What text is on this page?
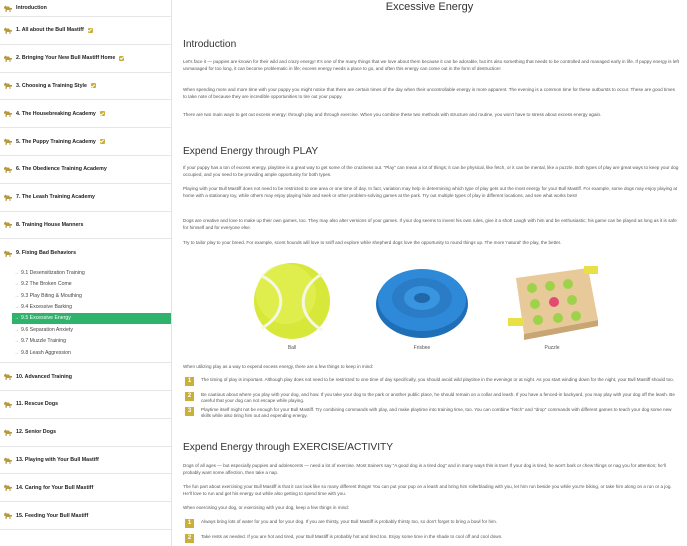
Introduction
1. All about the Bull Mastiff
2. Bringing Your New Bull Mastiff Home
3. Choosing a Training Style
4. The Housebreaking Academy
5. The Puppy Training Academy
6. The Obedience Training Academy
7. The Leash Training Academy
8. Training House Manners
9. Fixing Bad Behaviors
→ 9.1 Desensitization Training
→ 9.2 The Broken Come
→ 9.3 Play Biting & Mouthing
→ 9.4 Excessive Barking
→ 9.5 Excessive Energy
→ 9.6 Separation Anxiety
→ 9.7 Muzzle Training
→ 9.8 Leash Aggression
10. Advanced Training
11. Rescue Dogs
12. Senior Dogs
13. Playing with Your Bull Mastiff
14. Caring for Your Bull Mastiff
15. Feeding Your Bull Mastiff
Excessive Energy
Introduction

Let's face it — puppies are known for their wild and crazy energy! It's one of the many things that we love about them because it can be adorable, but it's also something that needs to be controlled and managed early in life. If puppy energy is left unmanaged for too long, it can become problematic in life; excess energy needs a place to go, and often this energy can come out in the form of destruction!

When spending more and more time with your puppy you might notice that there are certain times of the day when their uncontrollable energy is more apparent. The evening is a common time for these outbursts to occur. These are good times to take note of because they are incredible opportunities to tire out your puppy.

There are two main ways to get out excess energy: through play and through exercise. When you combine these two methods with structure and routine, you won't have to stress about excess energy again.

Expend Energy through PLAY

If your puppy has a ton of excess energy, playtime is a great way to get some of the craziness out. "Play" can mean a lot of things; it can be physical, like fetch, or it can be mental, like a puzzle. Both types of play are great ways to keep your dog occupied, and you need to be providing ample opportunity for both types.

Playing with your Bull Mastiff does not need to be restricted to one area or one time of day. In fact, variation may help in determining which type of play gets out the most energy for your Bull Mastiff. For example, some dogs may enjoy playing at home with a stationary toy, while others may enjoy playing hide and seek or other problem-solving games at the park. Try out multiple types of play in different locations, and see what works best!

Dogs are creative and love to make up their own games, too. They may also alter versions of your games. If your dog seems to invent his own rules, give it a shot! Laugh with him and be enthusiastic; his game can be played as long as it is safe for himself and for everyone else.

Try to tailor play to your breed. For example, scent hounds will love to sniff and explore while shepherd dogs love the opportunity to round things up. The more 'natural' the play, the better.

Ball	Frisbee	Puzzle

When utilizing play as a way to expend excess energy, there are a few things to keep in mind:

1	The timing of play is important. Although play does not need to be restricted to one time of day specifically, you should avoid wild playtime in the evenings or at night. As you start winding down for the night, your Bull Mastiff should too.
2	Be cautious about where you play with your dog, and how. If you take your dog to the park or another public place, he should remain on a collar and leash. If you have a fenced-in backyard, you may play with your dog off the leash. Be careful that your dog can not escape while playing.
3	Playtime itself might not be enough for your Bull Mastiff. Try combining commands with play, and make playtime into training time, too. You can combine "fetch" and "drop" commands with different games to teach your dog some new skills while also tiring him out and expending energy.
Expend Energy through EXERCISE/ACTIVITY

Dogs of all ages — but especially puppies and adolescents — need a lot of exercise. Most trainers say "A good dog is a tired dog" and in many ways this is true! If your dog is tired, he won't bark or chew things or nag you for attention; he'll probably want some affection, then take a nap.

The fun part about exercising your Bull Mastiff is that it can look like so many different things! You can put your pup on a leash and bring him rollerblading with you, let him run beside you while you're biking, or take him along on a run or a jog. He'll love to run and get his energy out while also getting to spend time with you.

When exercising your dog, or exercising with your dog, keep a few things in mind:

1	Always bring lots of water for you and for your dog. If you are thirsty, your Bull Mastiff is probably thirsty too, so don't forget to bring a bowl for him.
2	Take rests as needed. If you are hot and tired, your Bull Mastiff is probably hot and tired too. Enjoy some time in the shade to cool off and cool down.
